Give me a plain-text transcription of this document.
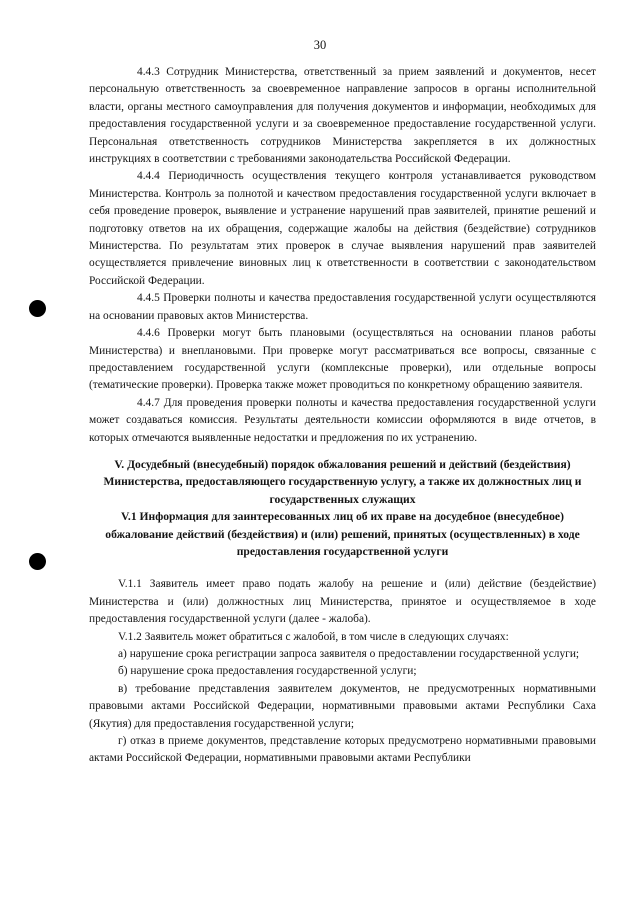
30

4.4.3 Сотрудник Министерства, ответственный за прием заявлений и документов, несет персональную ответственность за своевременное направление запросов в органы исполнительной власти, органы местного самоуправления для получения документов и информации, необходимых для предоставления государственной услуги и за своевременное предоставление государственной услуги. Персональная ответственность сотрудников Министерства закрепляется в их должностных инструкциях в соответствии с требованиями законодательства Российской Федерации.

4.4.4 Периодичность осуществления текущего контроля устанавливается руководством Министерства. Контроль за полнотой и качеством предоставления государственной услуги включает в себя проведение проверок, выявление и устранение нарушений прав заявителей, принятие решений и подготовку ответов на их обращения, содержащие жалобы на действия (бездействие) сотрудников Министерства. По результатам этих проверок в случае выявления нарушений прав заявителей осуществляется привлечение виновных лиц к ответственности в соответствии с законодательством Российской Федерации.

4.4.5 Проверки полноты и качества предоставления государственной услуги осуществляются на основании правовых актов Министерства.

4.4.6 Проверки могут быть плановыми (осуществляться на основании планов работы Министерства) и внеплановыми. При проверке могут рассматриваться все вопросы, связанные с предоставлением государственной услуги (комплексные проверки), или отдельные вопросы (тематические проверки). Проверка также может проводиться по конкретному обращению заявителя.

4.4.7 Для проведения проверки полноты и качества предоставления государственной услуги может создаваться комиссия. Результаты деятельности комиссии оформляются в виде отчетов, в которых отмечаются выявленные недостатки и предложения по их устранению.

V. Досудебный (внесудебный) порядок обжалования решений и действий (бездействия) Министерства, предоставляющего государственную услугу, а также их должностных лиц и государственных служащих

V.1 Информация для заинтересованных лиц об их праве на досудебное (внесудебное) обжалование действий (бездействия) и (или) решений, принятых (осуществленных) в ходе предоставления государственной услуги

V.1.1 Заявитель имеет право подать жалобу на решение и (или) действие (бездействие) Министерства и (или) должностных лиц Министерства, принятое и осуществляемое в ходе предоставления государственной услуги (далее - жалоба).

V.1.2 Заявитель может обратиться с жалобой, в том числе в следующих случаях:

а) нарушение срока регистрации запроса заявителя о предоставлении государственной услуги;

б) нарушение срока предоставления государственной услуги;

в) требование представления заявителем документов, не предусмотренных нормативными правовыми актами Российской Федерации, нормативными правовыми актами Республики Саха (Якутия) для предоставления государственной услуги;

г) отказ в приеме документов, представление которых предусмотрено нормативными правовыми актами Российской Федерации, нормативными правовыми актами Республики
